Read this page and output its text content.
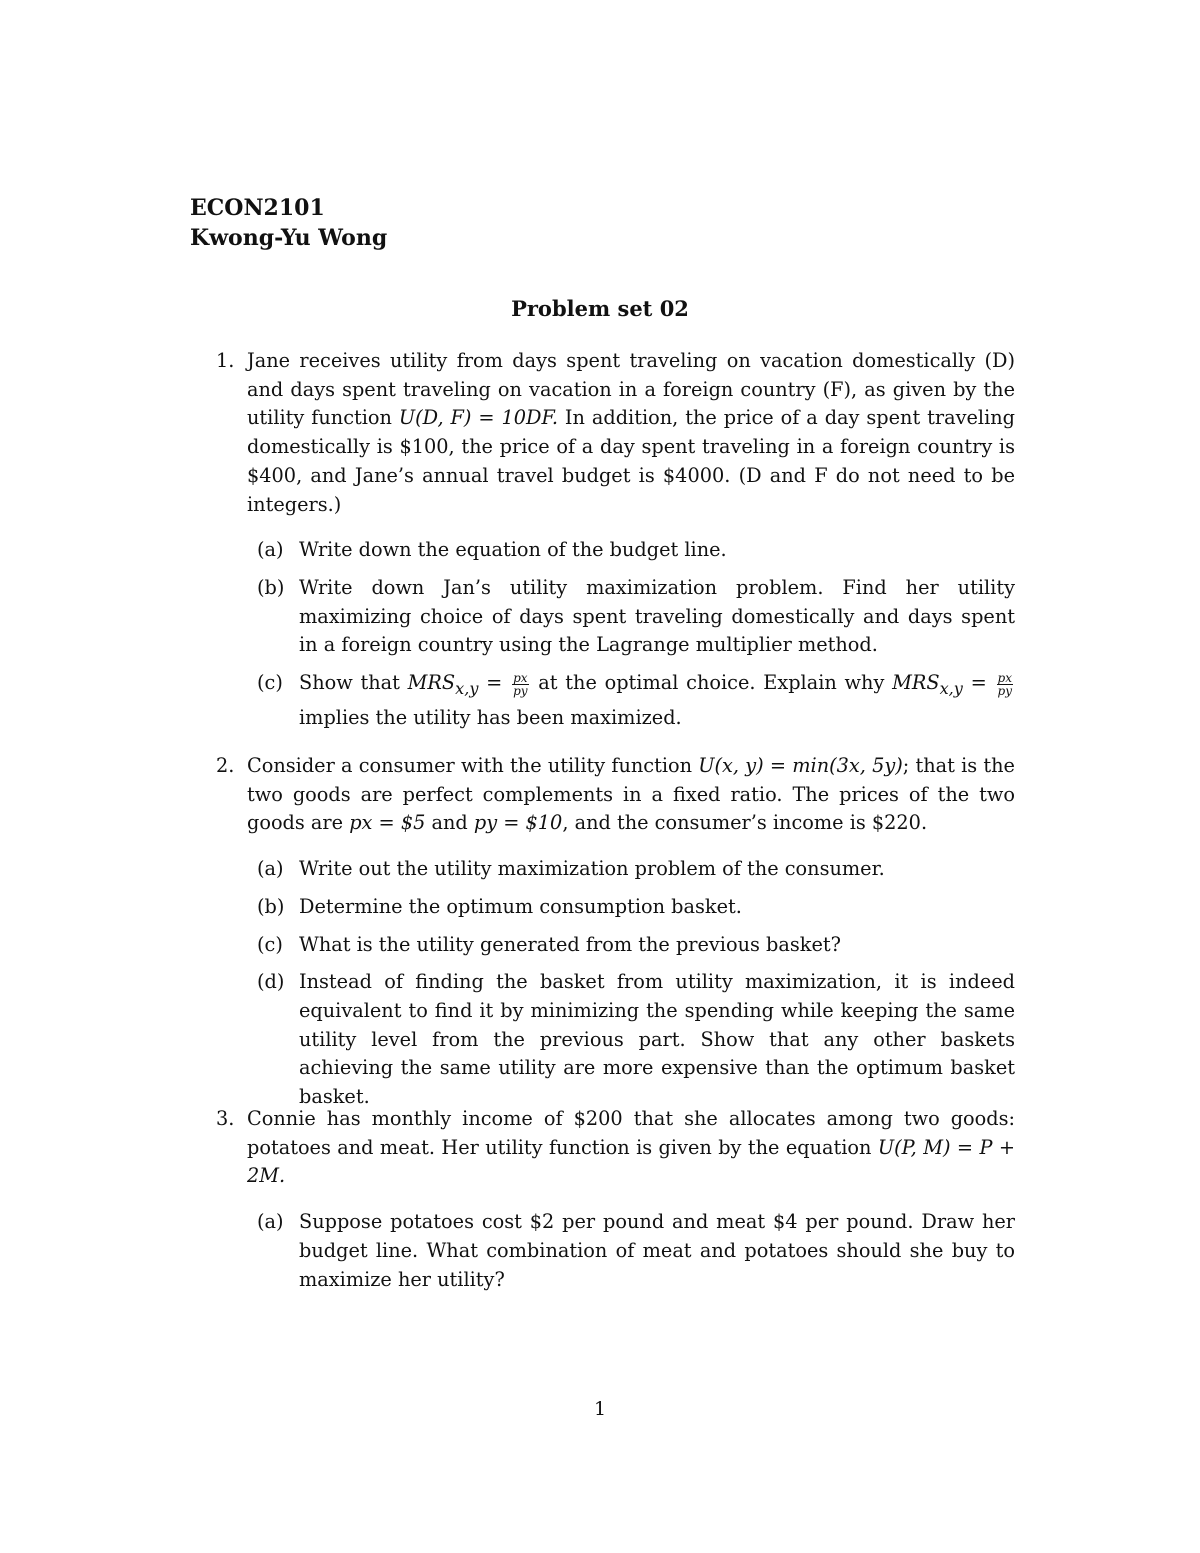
ECON2101
Kwong-Yu Wong
Problem set 02
1. Jane receives utility from days spent traveling on vacation domestically (D) and days spent traveling on vacation in a foreign country (F), as given by the utility function U(D, F) = 10DF. In addition, the price of a day spent traveling domestically is $100, the price of a day spent traveling in a foreign country is $400, and Jane’s annual travel budget is $4000. (D and F do not need to be integers.)
(a) Write down the equation of the budget line.
(b) Write down Jan’s utility maximization problem. Find her utility maximizing choice of days spent traveling domestically and days spent in a foreign country using the Lagrange multiplier method.
(c) Show that $MRS_{x,y} = \frac{px}{py}$ at the optimal choice. Explain why $MRS_{x,y} = \frac{px}{py}$
implies the utility has been maximized.
2. Consider a consumer with the utility function U(x, y) = min(3x, 5y); that is the two goods are perfect complements in a fixed ratio. The prices of the two goods are px = $5 and py = $10, and the consumer’s income is $220.
(a) Write out the utility maximization problem of the consumer.
(b) Determine the optimum consumption basket.
(c) What is the utility generated from the previous basket?
(d) Instead of finding the basket from utility maximization, it is indeed equivalent to find it by minimizing the spending while keeping the same utility level from the previous part. Show that any other baskets achieving the same utility are more expensive than the optimum basket basket.
3. Connie has monthly income of $200 that she allocates among two goods: potatoes and meat. Her utility function is given by the equation U(P, M) = P + 2M.
(a) Suppose potatoes cost $2 per pound and meat $4 per pound. Draw her budget line. What combination of meat and potatoes should she buy to maximize her utility?
1
